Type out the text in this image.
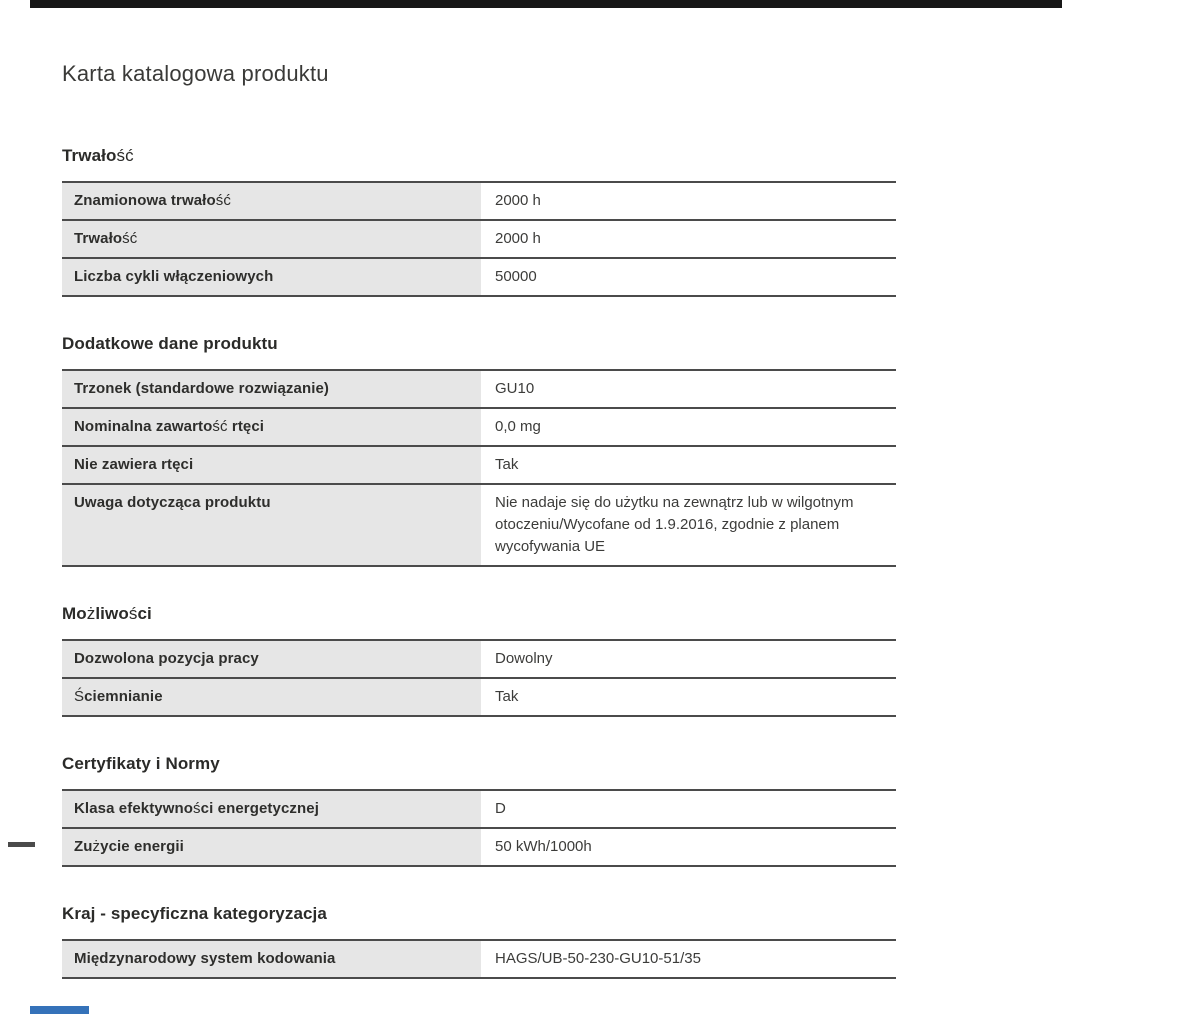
Karta katalogowa produktu
Trwałość
Znamionowa trwałość	2000 h
Trwałość	2000 h
Liczba cykli włączeniowych	50000
Dodatkowe dane produktu
Trzonek (standardowe rozwiązanie)	GU10
Nominalna zawartość rtęci	0,0 mg
Nie zawiera rtęci	Tak
Uwaga dotycząca produktu	Nie nadaje się do użytku na zewnątrz lub w wilgotnym otoczeniu/Wycofane od 1.9.2016, zgodnie z planem wycofywania UE
Możliwości
Dozwolona pozycja pracy	Dowolny
Ściemnianie	Tak
Certyfikaty i Normy
Klasa efektywności energetycznej	D
Zużycie energii	50 kWh/1000h
Kraj - specyficzna kategoryzacja
Międzynarodowy system kodowania	HAGS/UB-50-230-GU10-51/35
